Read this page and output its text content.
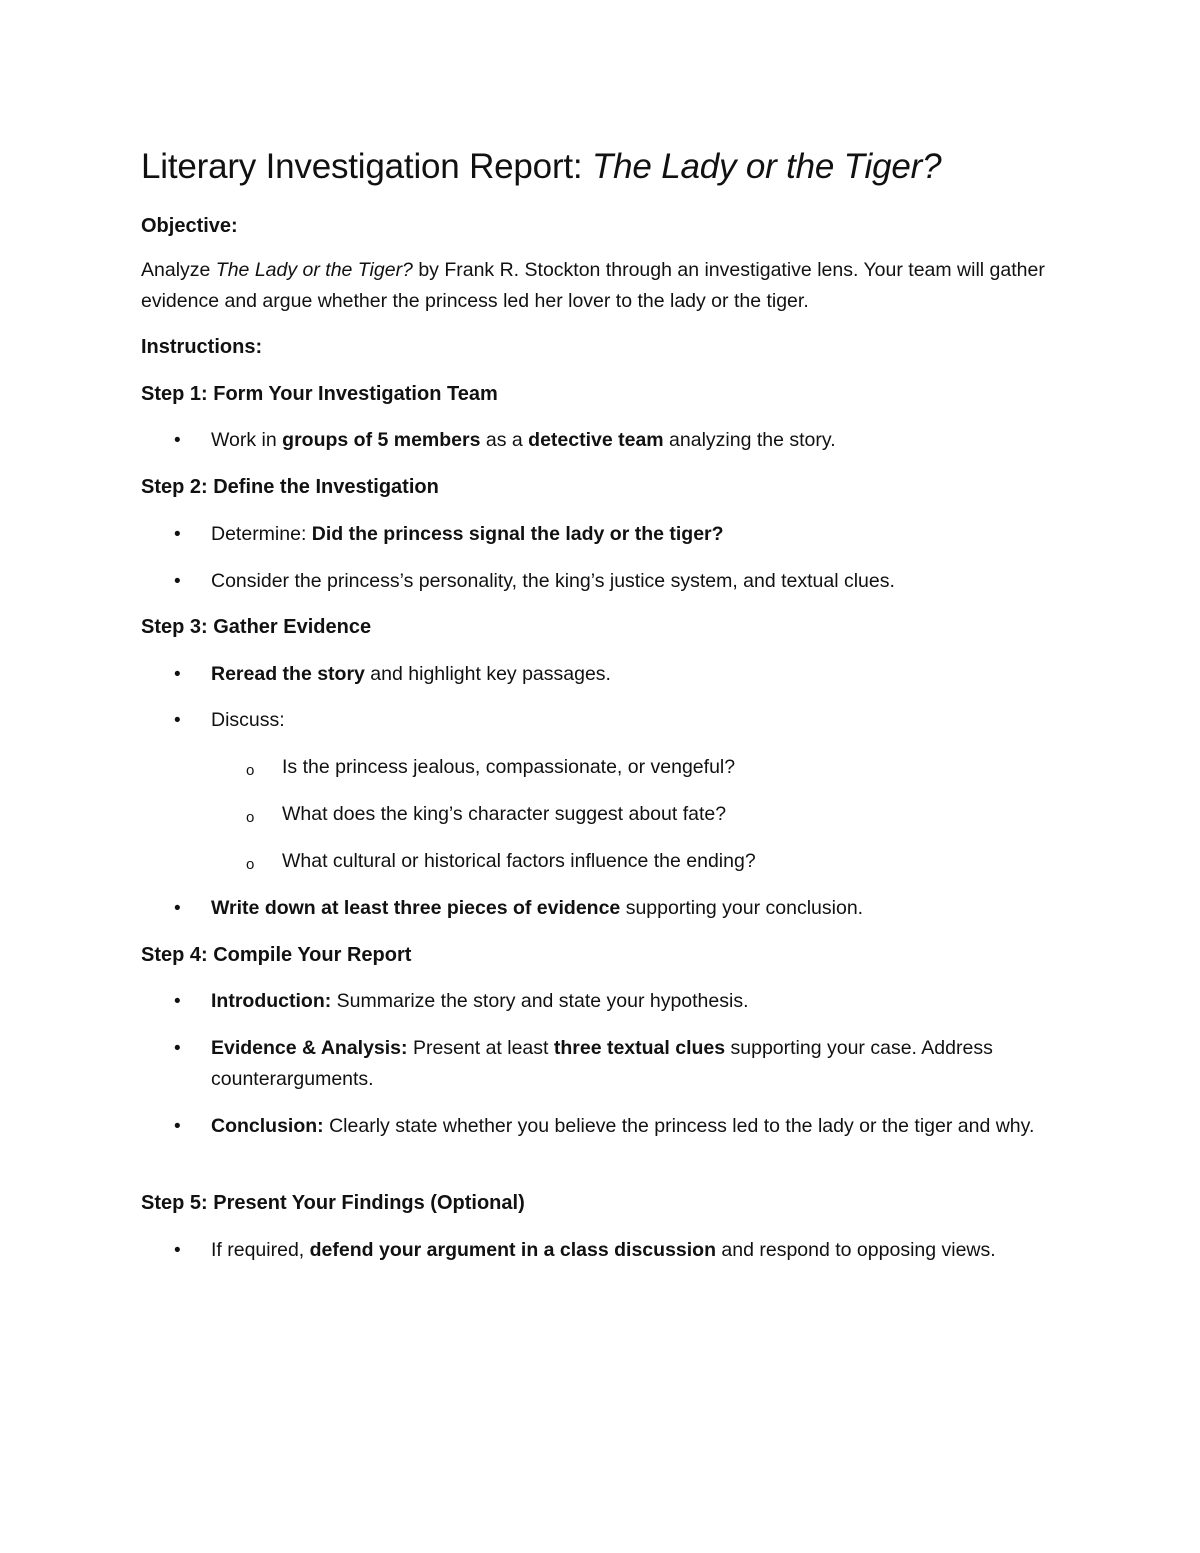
Literary Investigation Report: The Lady or the Tiger?
Objective:

Analyze The Lady or the Tiger? by Frank R. Stockton through an investigative lens. Your team will gather evidence and argue whether the princess led her lover to the lady or the tiger.

Instructions:
Step 1: Form Your Investigation Team
• Work in groups of 5 members as a detective team analyzing the story.
Step 2: Define the Investigation
• Determine: Did the princess signal the lady or the tiger?
• Consider the princess’s personality, the king’s justice system, and textual clues.
Step 3: Gather Evidence
• Reread the story and highlight key passages.
• Discuss:
o Is the princess jealous, compassionate, or vengeful?
o What does the king’s character suggest about fate?
o What cultural or historical factors influence the ending?
• Write down at least three pieces of evidence supporting your conclusion.
Step 4: Compile Your Report
• Introduction: Summarize the story and state your hypothesis.
• Evidence & Analysis: Present at least three textual clues supporting your case. Address counterarguments.
• Conclusion: Clearly state whether you believe the princess led to the lady or the tiger and why.
Step 5: Present Your Findings (Optional)
• If required, defend your argument in a class discussion and respond to opposing views.
